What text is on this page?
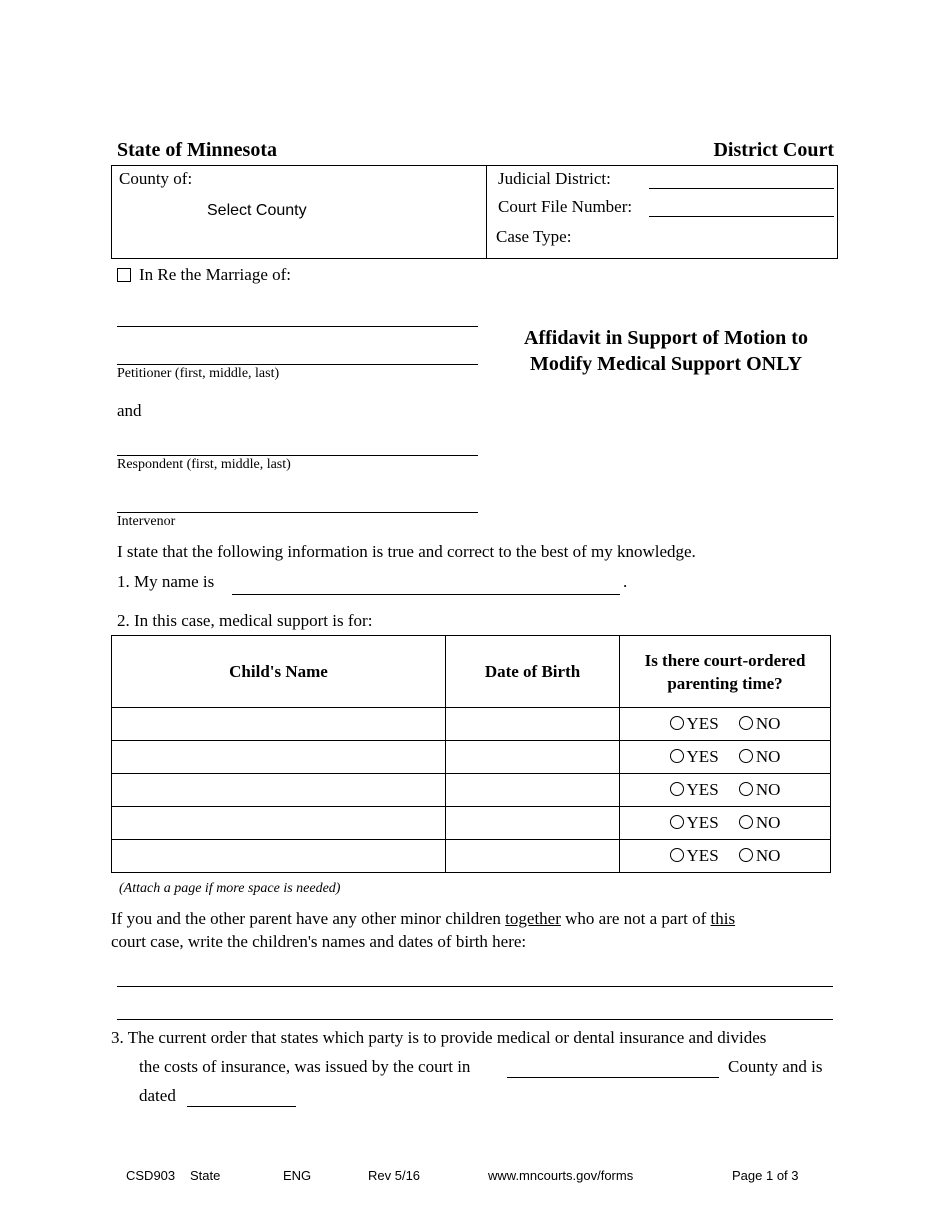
State of Minnesota	District Court
County of:
Select County
Judicial District:
Court File Number:
Case Type:
In Re the Marriage of:
Petitioner (first, middle, last)
and
Respondent (first, middle, last)
Intervenor
Affidavit in Support of Motion to
Modify Medical Support ONLY
I state that the following information is true and correct to the best of my knowledge.
1. My name is	.
2. In this case, medical support is for:
Child's Name	Date of Birth	Is there court-ordered
parenting time?

		YES NO
		YES NO
		YES NO
		YES NO
		YES NO
(Attach a page if more space is needed)
If you and the other parent have any other minor children together who are not a part of this
court case, write the children's names and dates of birth here:
3. The current order that states which party is to provide medical or dental insurance and divides
the costs of insurance, was issued by the court in	County and is
dated
CSD903 State	ENG	Rev 5/16	www.mncourts.gov/forms	Page 1 of 3
